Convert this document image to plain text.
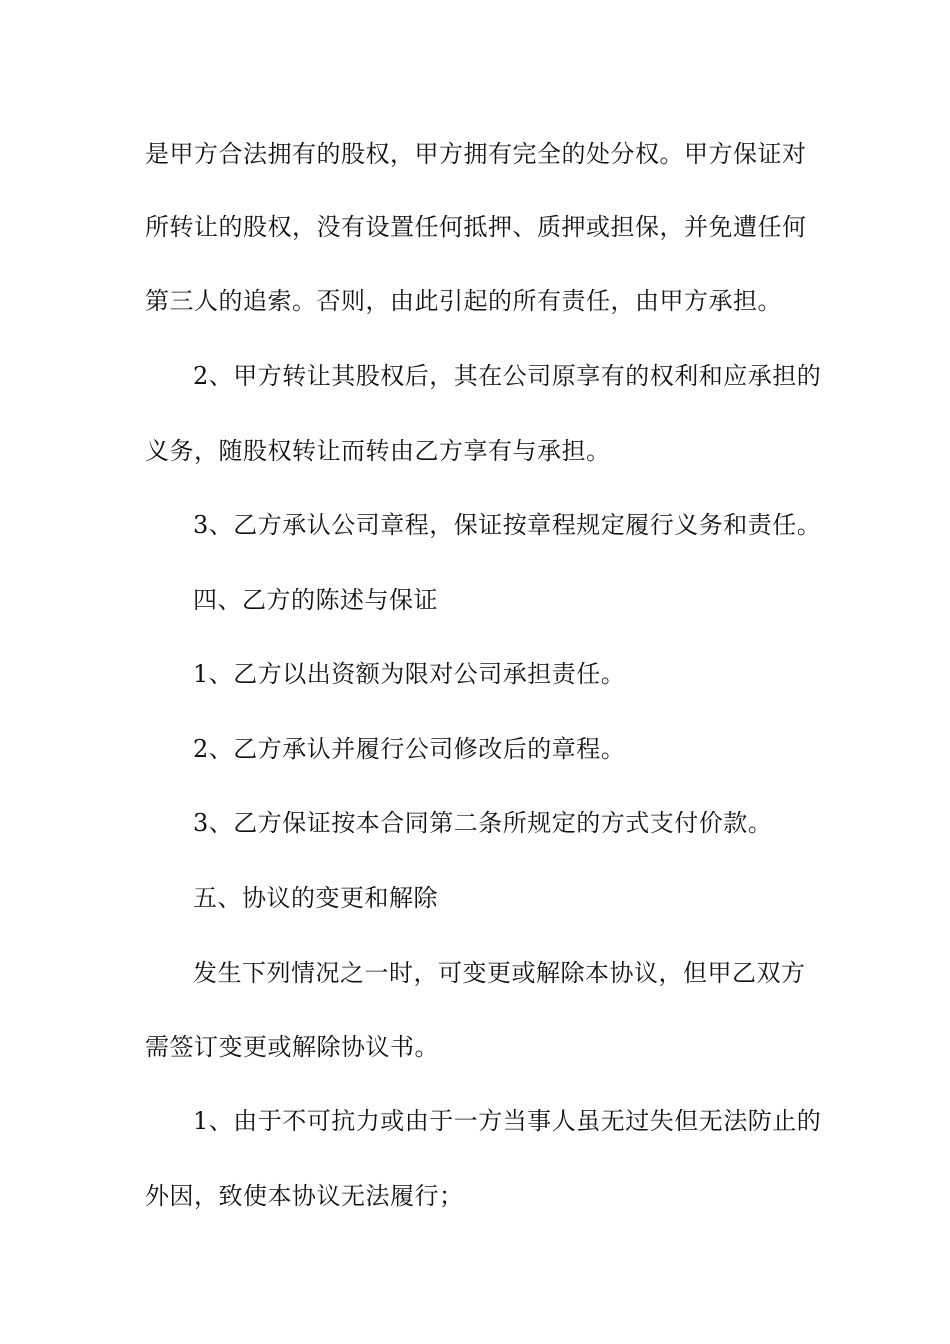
是甲方合法拥有的股权，甲方拥有完全的处分权。甲方保证对
所转让的股权，没有设置任何抵押、质押或担保，并免遭任何
第三人的追索。否则，由此引起的所有责任，由甲方承担。
2、甲方转让其股权后，其在公司原享有的权利和应承担的
义务，随股权转让而转由乙方享有与承担。
3、乙方承认公司章程，保证按章程规定履行义务和责任。
四、乙方的陈述与保证
1、乙方以出资额为限对公司承担责任。
2、乙方承认并履行公司修改后的章程。
3、乙方保证按本合同第二条所规定的方式支付价款。
五、协议的变更和解除
发生下列情况之一时，可变更或解除本协议，但甲乙双方
需签订变更或解除协议书。
1、由于不可抗力或由于一方当事人虽无过失但无法防止的
外因，致使本协议无法履行；
